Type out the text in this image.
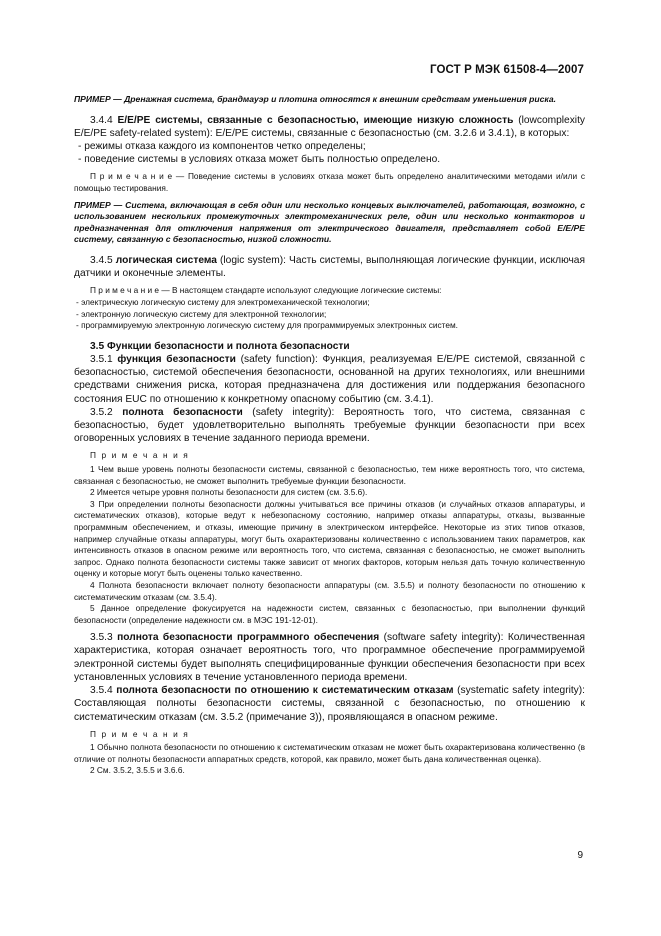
ГОСТ Р МЭК 61508-4—2007

ПРИМЕР — Дренажная система, брандмауэр и плотина относятся к внешним средствам уменьшения риска.

3.4.4 E/E/PE системы, связанные с безопасностью, имеющие низкую сложность (lowcomplexity E/E/PE safety-related system): E/E/PE системы, связанные с безопасностью (см. 3.2.6 и 3.4.1), в которых:

- режимы отказа каждого из компонентов четко определены;

- поведение системы в условиях отказа может быть полностью определено.

П р и м е ч а н и е — Поведение системы в условиях отказа может быть определено аналитическими методами и/или с помощью тестирования.

ПРИМЕР — Система, включающая в себя один или несколько концевых выключателей, работающая, возможно, с использованием нескольких промежуточных электромеханических реле, один или несколько контакторов и предназначенная для отключения напряжения от электрического двигателя, представляет собой E/E/PE систему, связанную с безопасностью, низкой сложности.

3.4.5 логическая система (logic system): Часть системы, выполняющая логические функции, исключая датчики и оконечные элементы.

П р и м е ч а н и е — В настоящем стандарте используют следующие логические системы:

- электрическую логическую систему для электромеханической технологии;

- электронную логическую систему для электронной технологии;

- программируемую электронную логическую систему для программируемых электронных систем.

3.5 Функции безопасности и полнота безопасности

3.5.1 функция безопасности (safety function): Функция, реализуемая E/E/PE системой, связанной с безопасностью, системой обеспечения безопасности, основанной на других технологиях, или внешними средствами снижения риска, которая предназначена для достижения или поддержания безопасного состояния EUC по отношению к конкретному опасному событию (см. 3.4.1).

3.5.2 полнота безопасности (safety integrity): Вероятность того, что система, связанная с безопасностью, будет удовлетворительно выполнять требуемые функции безопасности при всех оговоренных условиях в течение заданного периода времени.

П р и м е ч а н и я

1 Чем выше уровень полноты безопасности системы, связанной с безопасностью, тем ниже вероятность того, что система, связанная с безопасностью, не сможет выполнить требуемые функции безопасности.

2 Имеется четыре уровня полноты безопасности для систем (см. 3.5.6).

3 При определении полноты безопасности должны учитываться все причины отказов (и случайных отказов аппаратуры, и систематических отказов), которые ведут к небезопасному состоянию, например отказы аппаратуры, отказы, вызванные программным обеспечением, и отказы, имеющие причину в электрическом интерфейсе. Некоторые из этих типов отказов, например случайные отказы аппаратуры, могут быть охарактеризованы количественно с использованием таких параметров, как интенсивность отказов в опасном режиме или вероятность того, что система, связанная с безопасностью, не сможет выполнить запрос. Однако полнота безопасности системы также зависит от многих факторов, которым нельзя дать точную количественную оценку и которые могут быть оценены только качественно.

4 Полнота безопасности включает полноту безопасности аппаратуры (см. 3.5.5) и полноту безопасности по отношению к систематическим отказам (см. 3.5.4).

5 Данное определение фокусируется на надежности систем, связанных с безопасностью, при выполнении функций безопасности (определение надежности см. в МЭС 191-12-01).

3.5.3 полнота безопасности программного обеспечения (software safety integrity): Количественная характеристика, которая означает вероятность того, что программное обеспечение программируемой электронной системы будет выполнять специфицированные функции обеспечения безопасности при всех установленных условиях в течение установленного периода времени.

3.5.4 полнота безопасности по отношению к систематическим отказам (systematic safety integrity): Составляющая полноты безопасности системы, связанной с безопасностью, по отношению к систематическим отказам (см. 3.5.2 (примечание 3)), проявляющаяся в опасном режиме.

П р и м е ч а н и я

1 Обычно полнота безопасности по отношению к систематическим отказам не может быть охарактеризована количественно (в отличие от полноты безопасности аппаратных средств, которой, как правило, может быть дана количественная оценка).

2 См. 3.5.2, 3.5.5 и 3.6.6.

9
